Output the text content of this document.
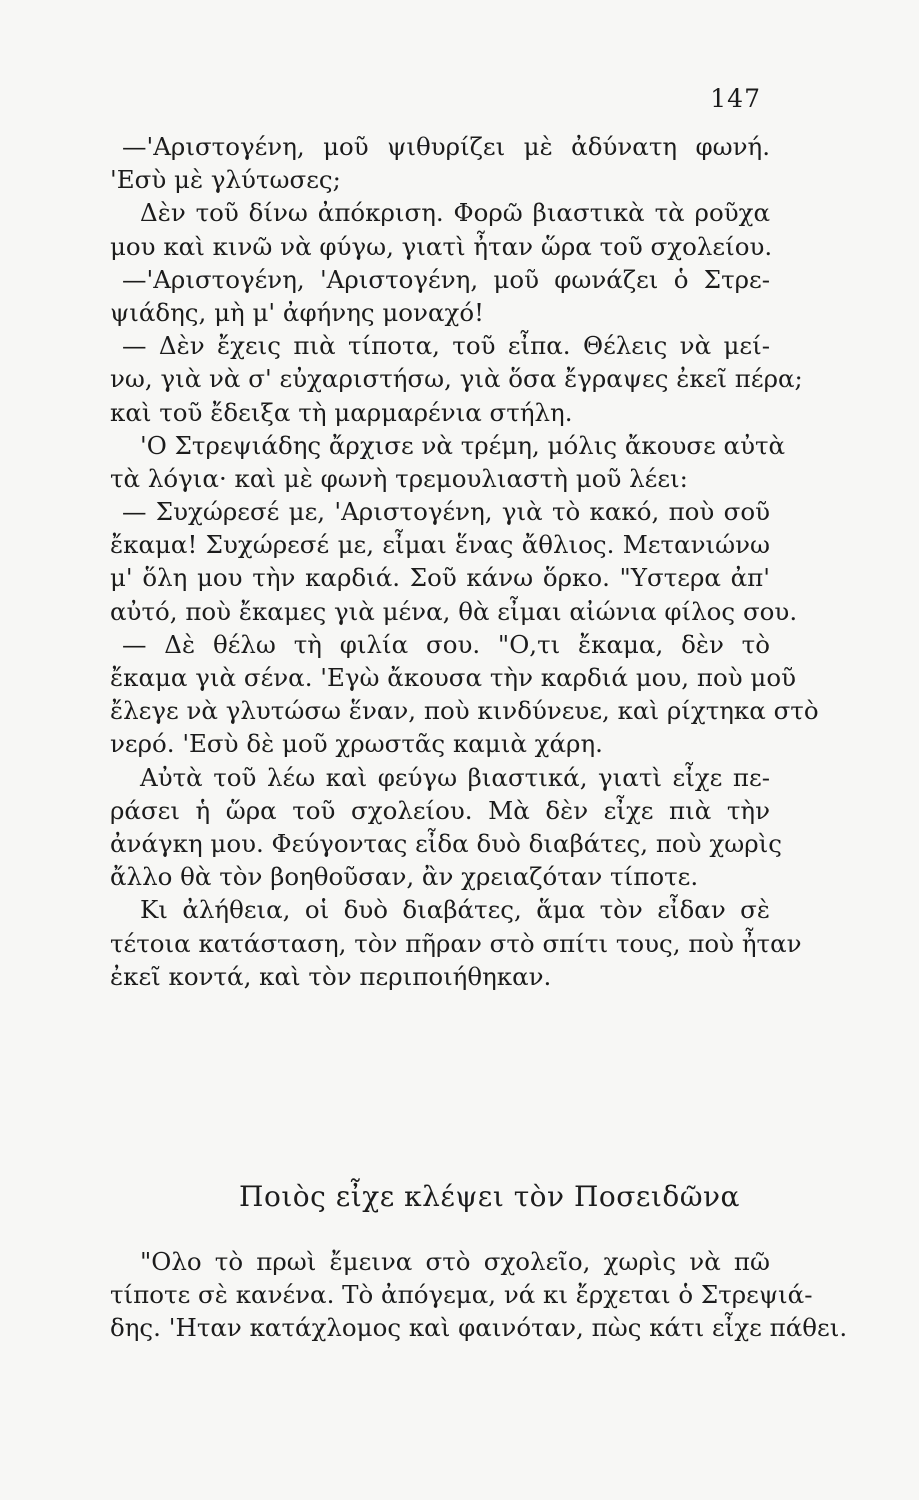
147
—'Αριστογένη, μοῦ ψιθυρίζει μὲ ἀδύνατη φωνή.
'Εσὺ μὲ γλύτωσες;
Δὲν τοῦ δίνω ἀπόκριση. Φορῶ βιαστικὰ τὰ ροῦχα
μου καὶ κινῶ νὰ φύγω, γιατὶ ἦταν ὥρα τοῦ σχολείου.
—'Αριστογένη, 'Αριστογένη, μοῦ φωνάζει ὁ Στρε-
ψιάδης, μὴ μ' ἀφήνης μοναχό!
— Δὲν ἔχεις πιὰ τίποτα, τοῦ εἶπα. Θέλεις νὰ μεί-
νω, γιὰ νὰ σ' εὐχαριστήσω, γιὰ ὅσα ἔγραψες ἐκεῖ πέρα;
καὶ τοῦ ἔδειξα τὴ μαρμαρένια στήλη.
'Ο Στρεψιάδης ἄρχισε νὰ τρέμη, μόλις ἄκουσε αὐτὰ
τὰ λόγια· καὶ μὲ φωνὴ τρεμουλιαστὴ μοῦ λέει:
— Συχώρεσέ με, 'Αριστογένη, γιὰ τὸ κακό, ποὺ σοῦ
ἔκαμα! Συχώρεσέ με, εἶμαι ἕνας ἄθλιος. Μετανιώνω
μ' ὅλη μου τὴν καρδιά. Σοῦ κάνω ὅρκο. "Υστερα ἀπ'
αὐτό, ποὺ ἔκαμες γιὰ μένα, θὰ εἶμαι αἰώνια φίλος σου.
— Δὲ θέλω τὴ φιλία σου. "Ο,τι ἔκαμα, δὲν τὸ
ἔκαμα γιὰ σένα. 'Εγὼ ἄκουσα τὴν καρδιά μου, ποὺ μοῦ
ἔλεγε νὰ γλυτώσω ἕναν, ποὺ κινδύνευε, καὶ ρίχτηκα στὸ
νερό. 'Εσὺ δὲ μοῦ χρωστᾶς καμιὰ χάρη.
Αὐτὰ τοῦ λέω καὶ φεύγω βιαστικά, γιατὶ εἶχε πε-
ράσει ἡ ὥρα τοῦ σχολείου. Μὰ δὲν εἶχε πιὰ τὴν
ἀνάγκη μου. Φεύγοντας εἶδα δυὸ διαβάτες, ποὺ χωρὶς
ἄλλο θὰ τὸν βοηθοῦσαν, ἂν χρειαζόταν τίποτε.
Κι ἀλήθεια, οἱ δυὸ διαβάτες, ἅμα τὸν εἶδαν σὲ
τέτοια κατάσταση, τὸν πῆραν στὸ σπίτι τους, ποὺ ἦταν
ἐκεῖ κοντά, καὶ τὸν περιποιήθηκαν.
Ποιὸς εἶχε κλέψει τὸν Ποσειδῶνα
"Ολο τὸ πρωὶ ἔμεινα στὸ σχολεῖο, χωρὶς νὰ πῶ
τίποτε σὲ κανένα. Τὸ ἀπόγεμα, νά κι ἔρχεται ὁ Στρεψιά-
δης. 'Ηταν κατάχλομος καὶ φαινόταν, πὼς κάτι εἶχε πάθει.
